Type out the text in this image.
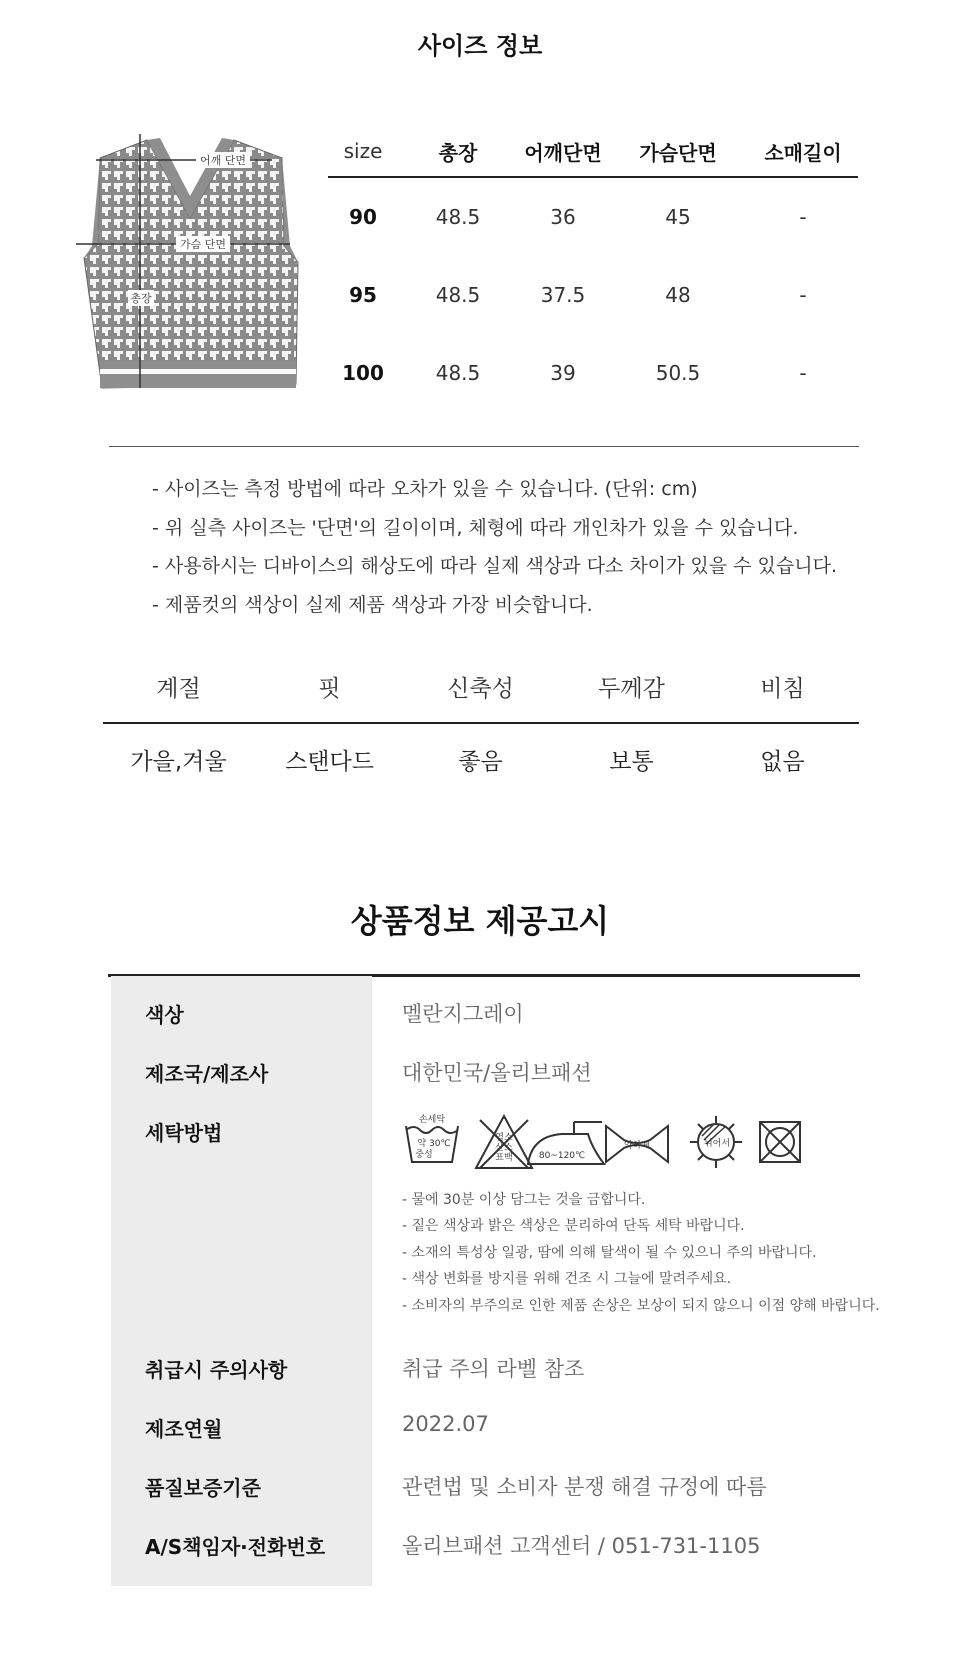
사이즈 정보
어깨 단면
가슴 단면
총장
size	총장	어깨단면	가슴단면	소매길이
90	48.5	36	45	-
95	48.5	37.5	48	-
100	48.5	39	50.5	-
- 사이즈는 측정 방법에 따라 오차가 있을 수 있습니다. (단위: cm)
- 위 실측 사이즈는 '단면'의 길이이며, 체형에 따라 개인차가 있을 수 있습니다.
- 사용하시는 디바이스의 해상도에 따라 실제 색상과 다소 차이가 있을 수 있습니다.
- 제품컷의 색상이 실제 제품 색상과 가장 비슷합니다.
계절	핏	신축성	두께감	비침
가을,겨울	스탠다드	좋음	보통	없음
상품정보 제공고시
색상	멜란지그레이
제조국/제조사	대한민국/올리브패션
세탁방법
손세탁
약 30℃
중성
염소
산소
표백	80~120℃
약하게	뉘어서
- 물에 30분 이상 담그는 것을 금합니다.
- 짙은 색상과 밝은 색상은 분리하여 단독 세탁 바랍니다.
- 소재의 특성상 일광, 땀에 의해 탈색이 될 수 있으니 주의 바랍니다.
- 색상 변화를 방지를 위해 건조 시 그늘에 말려주세요.
- 소비자의 부주의로 인한 제품 손상은 보상이 되지 않으니 이점 양해 바랍니다.
취급시 주의사항	취급 주의 라벨 참조
제조연월	2022.07
품질보증기준	관련법 및 소비자 분쟁 해결 규정에 따름
A/S책임자·전화번호	올리브패션 고객센터 / 051-731-1105
